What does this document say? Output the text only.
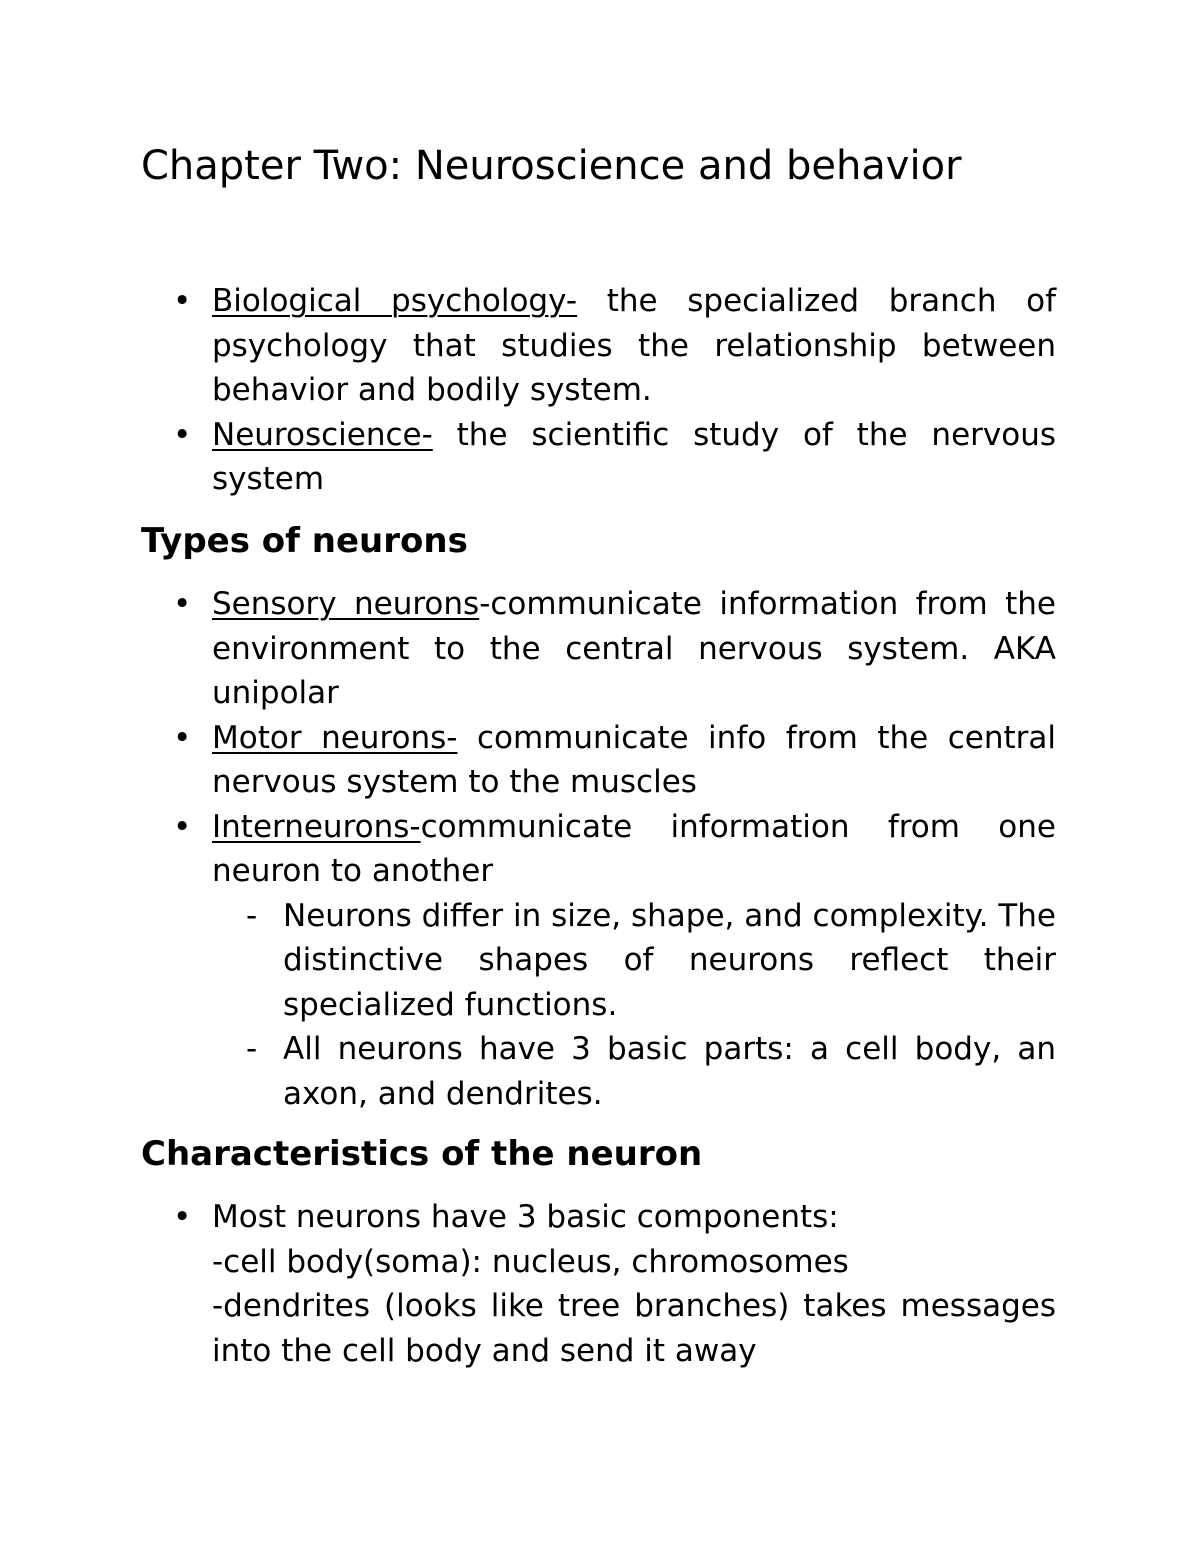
Chapter Two: Neuroscience and behavior
• Biological psychology- the specialized branch of psychology that studies the relationship between behavior and bodily system.
• Neuroscience- the scientific study of the nervous system
Types of neurons
• Sensory neurons-communicate information from the environment to the central nervous system. AKA unipolar
• Motor neurons- communicate info from the central nervous system to the muscles
• Interneurons-communicate information from one neuron to another
- Neurons differ in size, shape, and complexity. The distinctive shapes of neurons reflect their specialized functions.
- All neurons have 3 basic parts: a cell body, an axon, and dendrites.
Characteristics of the neuron
• Most neurons have 3 basic components:
-cell body(soma): nucleus, chromosomes
-dendrites (looks like tree branches) takes messages into the cell body and send it away
